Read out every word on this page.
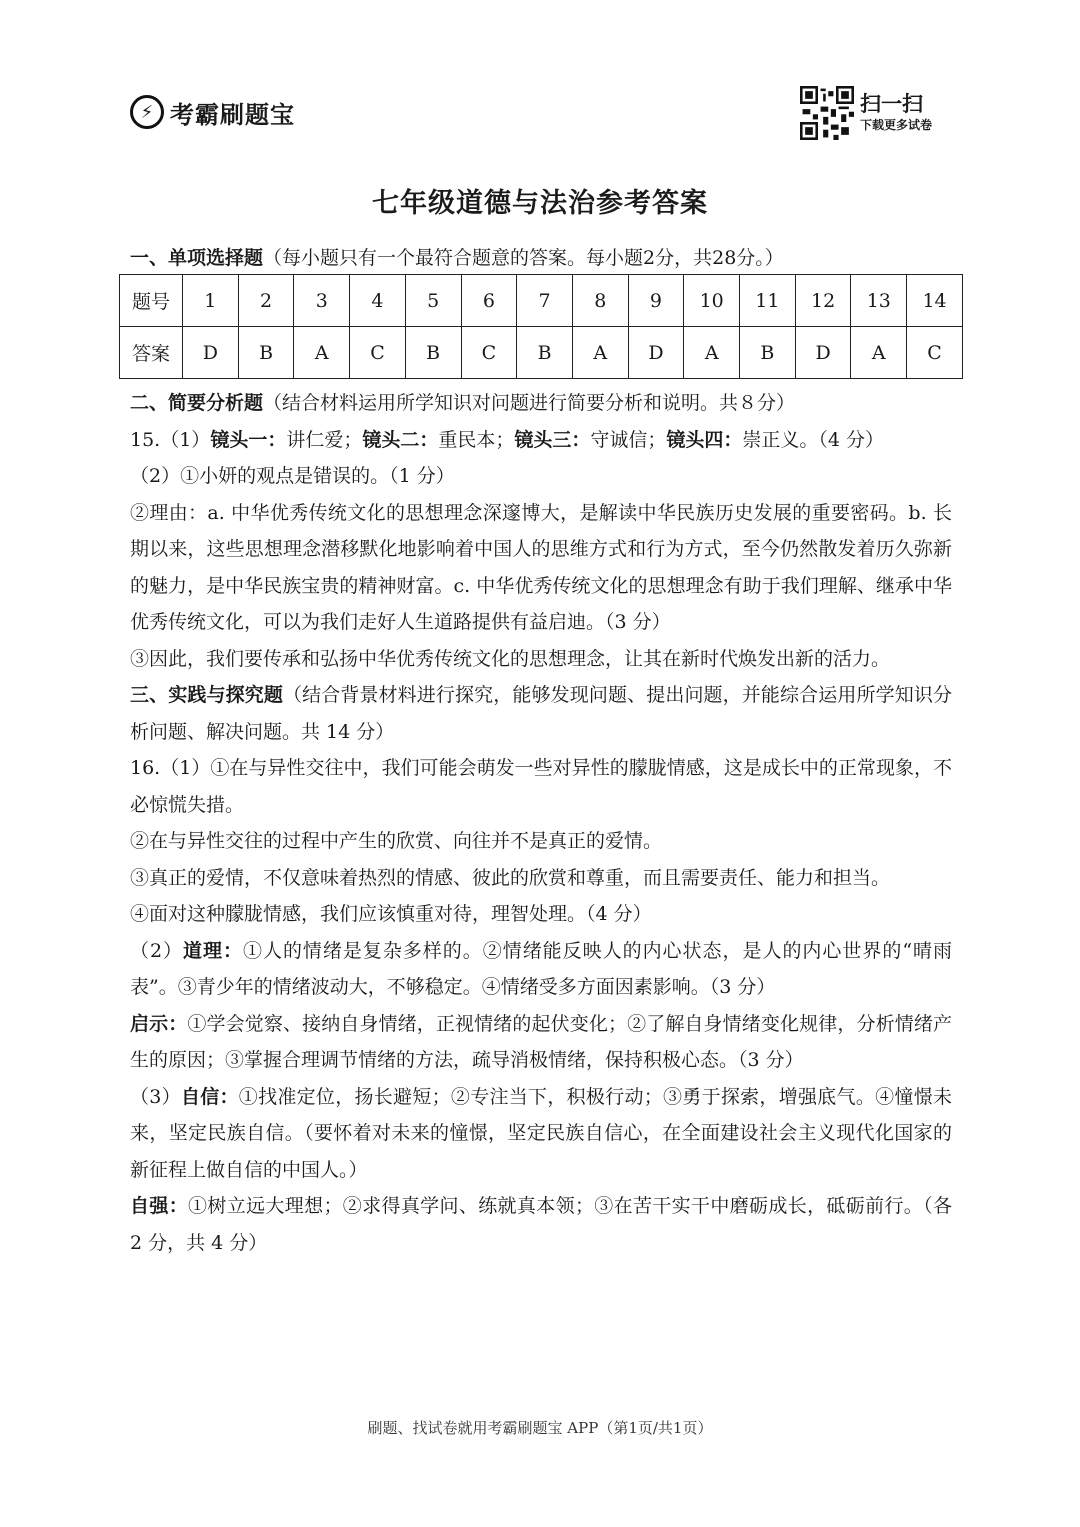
⚡ 考霸刷题宝	扫一扫
下载更多试卷
七年级道德与法治参考答案

一、单项选择题（每小题只有一个最符合题意的答案。每小题2分，共28分。）

题号	1	2	3	4	5	6	7	8	9	10	11	12	13	14
答案	D	B	A	C	B	C	B	A	D	A	B	D	A	C

二、简要分析题（结合材料运用所学知识对问题进行简要分析和说明。共８分）

15.（1）镜头一：讲仁爱；镜头二：重民本；镜头三：守诚信；镜头四：崇正义。（4 分）

（2）①小妍的观点是错误的。（1 分）

②理由：a. 中华优秀传统文化的思想理念深邃博大，是解读中华民族历史发展的重要密码。b. 长期以来，这些思想理念潜移默化地影响着中国人的思维方式和行为方式，至今仍然散发着历久弥新的魅力，是中华民族宝贵的精神财富。c. 中华优秀传统文化的思想理念有助于我们理解、继承中华优秀传统文化，可以为我们走好人生道路提供有益启迪。（3 分）

③因此，我们要传承和弘扬中华优秀传统文化的思想理念，让其在新时代焕发出新的活力。

三、实践与探究题（结合背景材料进行探究，能够发现问题、提出问题，并能综合运用所学知识分析问题、解决问题。共 14 分）

16.（1）①在与异性交往中，我们可能会萌发一些对异性的朦胧情感，这是成长中的正常现象，不必惊慌失措。

②在与异性交往的过程中产生的欣赏、向往并不是真正的爱情。

③真正的爱情，不仅意味着热烈的情感、彼此的欣赏和尊重，而且需要责任、能力和担当。

④面对这种朦胧情感，我们应该慎重对待，理智处理。（4 分）

（2）道理：①人的情绪是复杂多样的。②情绪能反映人的内心状态，是人的内心世界的“晴雨表”。③青少年的情绪波动大，不够稳定。④情绪受多方面因素影响。（3 分）

启示：①学会觉察、接纳自身情绪，正视情绪的起伏变化；②了解自身情绪变化规律，分析情绪产生的原因；③掌握合理调节情绪的方法，疏导消极情绪，保持积极心态。（3 分）

（3）自信：①找准定位，扬长避短；②专注当下，积极行动；③勇于探索，增强底气。④憧憬未来，坚定民族自信。（要怀着对未来的憧憬，坚定民族自信心，在全面建设社会主义现代化国家的新征程上做自信的中国人。）

自强：①树立远大理想；②求得真学问、练就真本领；③在苦干实干中磨砺成长，砥砺前行。（各 2 分，共 4 分）

刷题、找试卷就用考霸刷题宝 APP（第1页/共1页）
